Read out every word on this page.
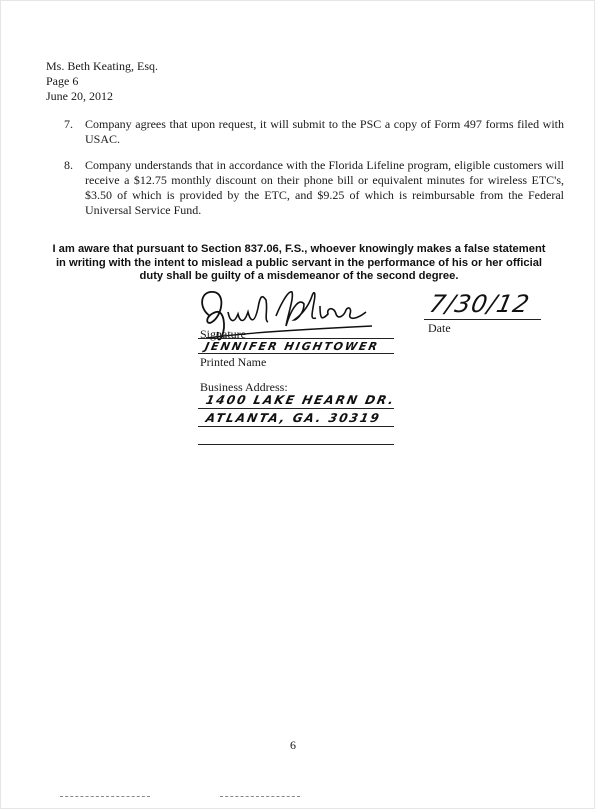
Ms. Beth Keating, Esq.
Page 6
June 20, 2012
7. Company agrees that upon request, it will submit to the PSC a copy of Form 497 forms filed with USAC.
8. Company understands that in accordance with the Florida Lifeline program, eligible customers will receive a $12.75 monthly discount on their phone bill or equivalent minutes for wireless ETC's, $3.50 of which is provided by the ETC, and $9.25 of which is reimbursable from the Federal Universal Service Fund.
I am aware that pursuant to Section 837.06, F.S., whoever knowingly makes a false statement in writing with the intent to mislead a public servant in the performance of his or her official duty shall be guilty of a misdemeanor of the second degree.
Signature
7/30/12
Date
JENNIFER HIGHTOWER
Printed Name
Business Address:
1400 LAKE HEARN DR.
ATLANTA, GA. 30319
6
